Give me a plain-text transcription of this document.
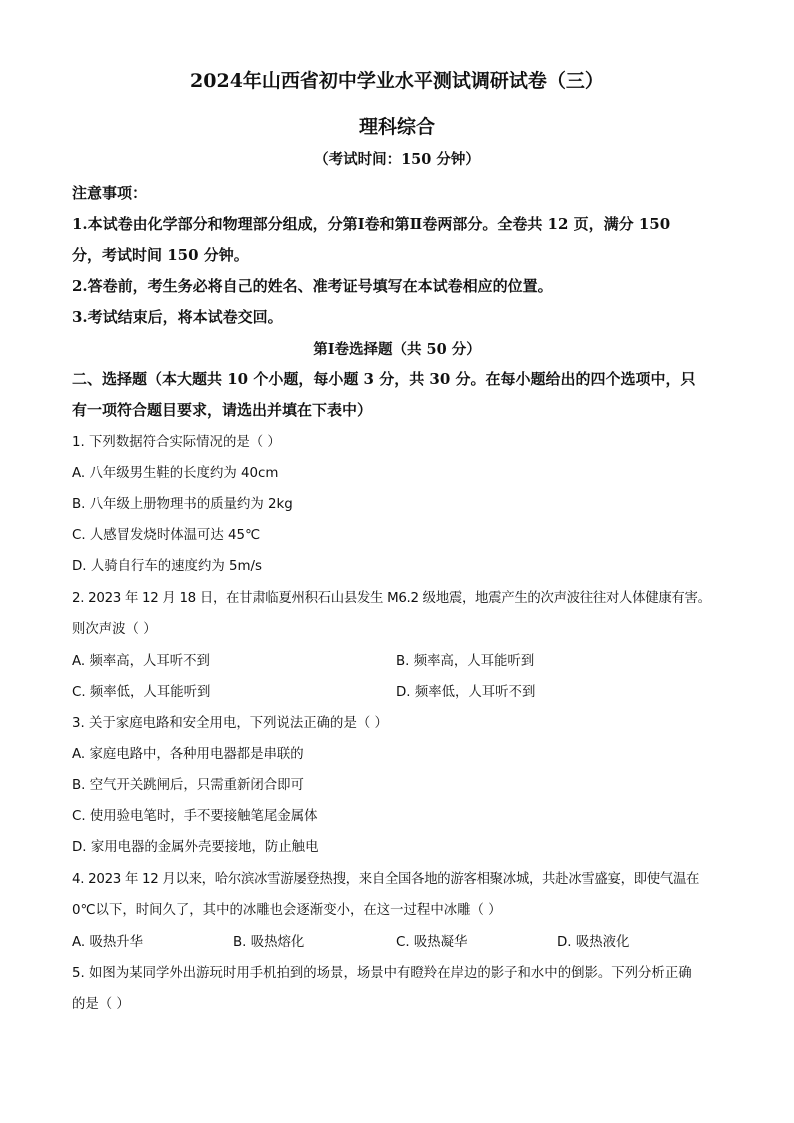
2024年山西省初中学业水平测试调研试卷（三）
理科综合
（考试时间：150 分钟）
注意事项：
1.本试卷由化学部分和物理部分组成，分第Ⅰ卷和第Ⅱ卷两部分。全卷共 12 页，满分 150
分，考试时间 150 分钟。
2.答卷前，考生务必将自己的姓名、准考证号填写在本试卷相应的位置。
3.考试结束后，将本试卷交回。
第Ⅰ卷选择题（共 50 分）
二、选择题（本大题共 10 个小题，每小题 3 分，共 30 分。在每小题给出的四个选项中，只
有一项符合题目要求，请选出并填在下表中）
1. 下列数据符合实际情况的是（ ）
A. 八年级男生鞋的长度约为 40cm
B. 八年级上册物理书的质量约为 2kg
C. 人感冒发烧时体温可达 45℃
D. 人骑自行车的速度约为 5m/s
2. 2023 年 12 月 18 日，在甘肃临夏州积石山县发生 M6.2 级地震，地震产生的次声波往往对人体健康有害。
则次声波（ ）
A. 频率高，人耳听不到	B. 频率高，人耳能听到
C. 频率低，人耳能听到	D. 频率低，人耳听不到
3. 关于家庭电路和安全用电，下列说法正确的是（ ）
A. 家庭电路中，各种用电器都是串联的
B. 空气开关跳闸后，只需重新闭合即可
C. 使用验电笔时，手不要接触笔尾金属体
D. 家用电器的金属外壳要接地，防止触电
4. 2023 年 12 月以来，哈尔滨冰雪游屡登热搜，来自全国各地的游客相聚冰城，共赴冰雪盛宴，即使气温在
0℃以下，时间久了，其中的冰雕也会逐渐变小，在这一过程中冰雕（ ）
A. 吸热升华	B. 吸热熔化	C. 吸热凝华	D. 吸热液化
5. 如图为某同学外出游玩时用手机拍到的场景，场景中有瞪羚在岸边的影子和水中的倒影。下列分析正确
的是（ ）
